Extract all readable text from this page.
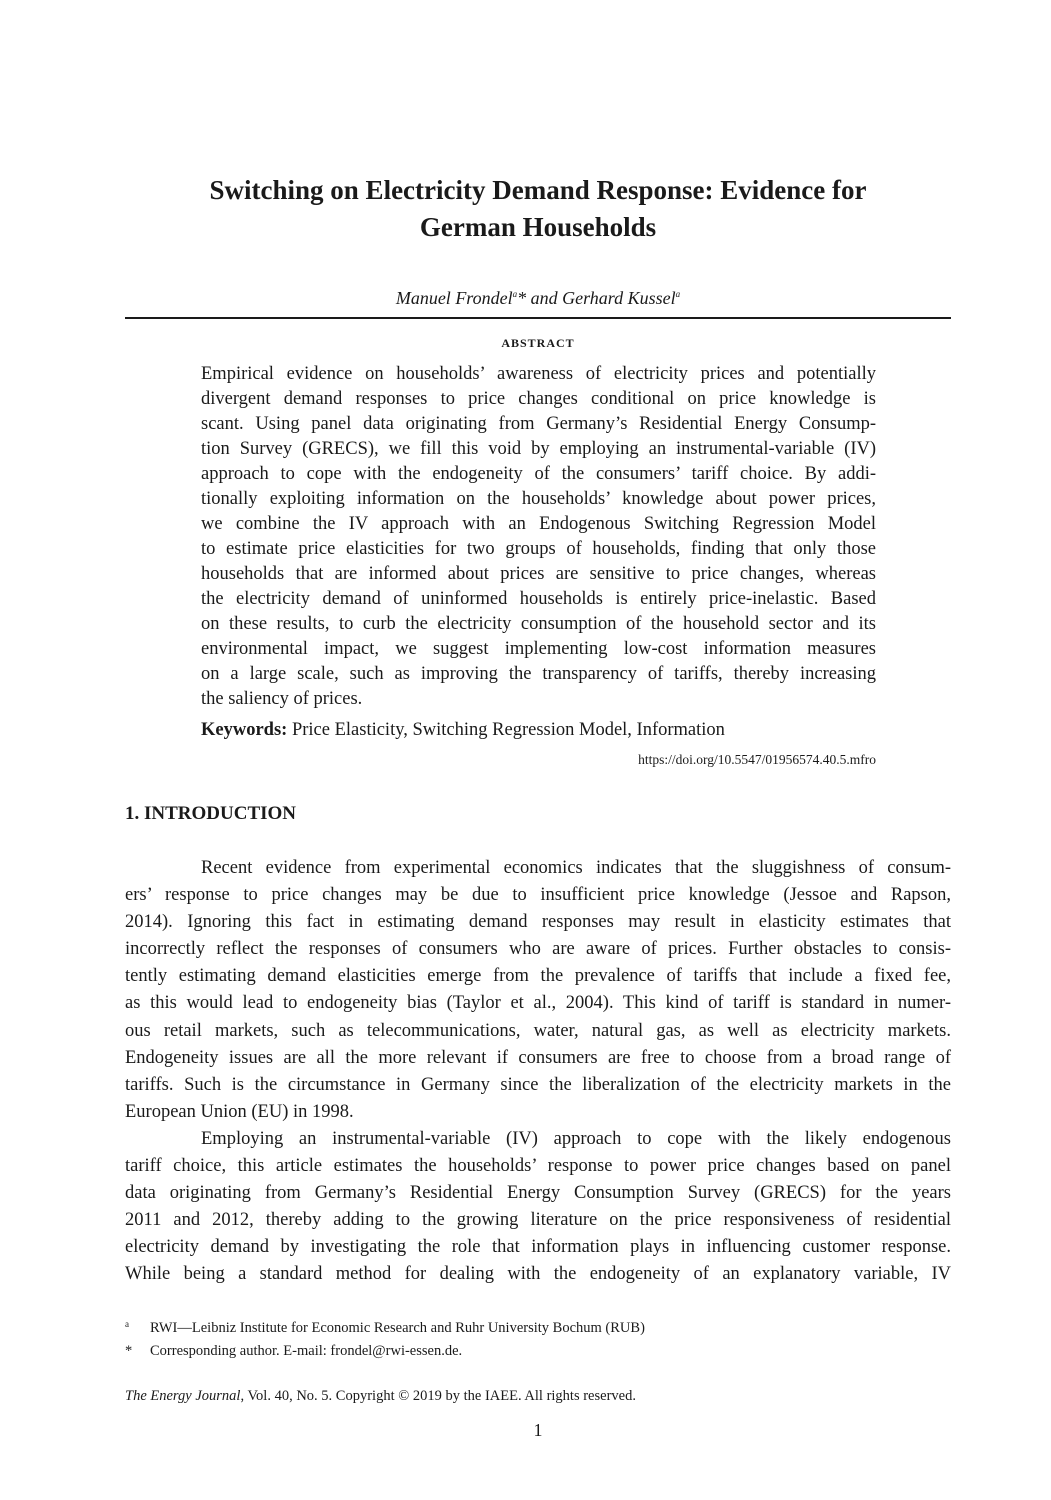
Switching on Electricity Demand Response: Evidence for
German Households
Manuel Frondel$^a$* and Gerhard Kussel$^a$
ABSTRACT
Empirical evidence on households’ awareness of electricity prices and potentially
divergent demand responses to price changes conditional on price knowledge is
scant. Using panel data originating from Germany’s Residential Energy Consump-
tion Survey (GRECS), we fill this void by employing an instrumental-variable (IV)
approach to cope with the endogeneity of the consumers’ tariff choice. By addi-
tionally exploiting information on the households’ knowledge about power prices,
we combine the IV approach with an Endogenous Switching Regression Model
to estimate price elasticities for two groups of households, finding that only those
households that are informed about prices are sensitive to price changes, whereas
the electricity demand of uninformed households is entirely price-inelastic. Based
on these results, to curb the electricity consumption of the household sector and its
environmental impact, we suggest implementing low-cost information measures
on a large scale, such as improving the transparency of tariffs, thereby increasing
the saliency of prices.
Keywords: Price Elasticity, Switching Regression Model, Information
https://doi.org/10.5547/01956574.40.5.mfro
1. INTRODUCTION
Recent evidence from experimental economics indicates that the sluggishness of consum-
ers’ response to price changes may be due to insufficient price knowledge (Jessoe and Rapson,
2014). Ignoring this fact in estimating demand responses may result in elasticity estimates that
incorrectly reflect the responses of consumers who are aware of prices. Further obstacles to consis-
tently estimating demand elasticities emerge from the prevalence of tariffs that include a fixed fee,
as this would lead to endogeneity bias (Taylor et al., 2004). This kind of tariff is standard in numer-
ous retail markets, such as telecommunications, water, natural gas, as well as electricity markets.
Endogeneity issues are all the more relevant if consumers are free to choose from a broad range of
tariffs. Such is the circumstance in Germany since the liberalization of the electricity markets in the
European Union (EU) in 1998.
Employing an instrumental-variable (IV) approach to cope with the likely endogenous
tariff choice, this article estimates the households’ response to power price changes based on panel
data originating from Germany’s Residential Energy Consumption Survey (GRECS) for the years
2011 and 2012, thereby adding to the growing literature on the price responsiveness of residential
electricity demand by investigating the role that information plays in influencing customer response.
While being a standard method for dealing with the endogeneity of an explanatory variable, IV
a RWI—Leibniz Institute for Economic Research and Ruhr University Bochum (RUB)
* Corresponding author. E-mail: frondel@rwi-essen.de.
The Energy Journal, Vol. 40, No. 5. Copyright © 2019 by the IAEE. All rights reserved.
1
